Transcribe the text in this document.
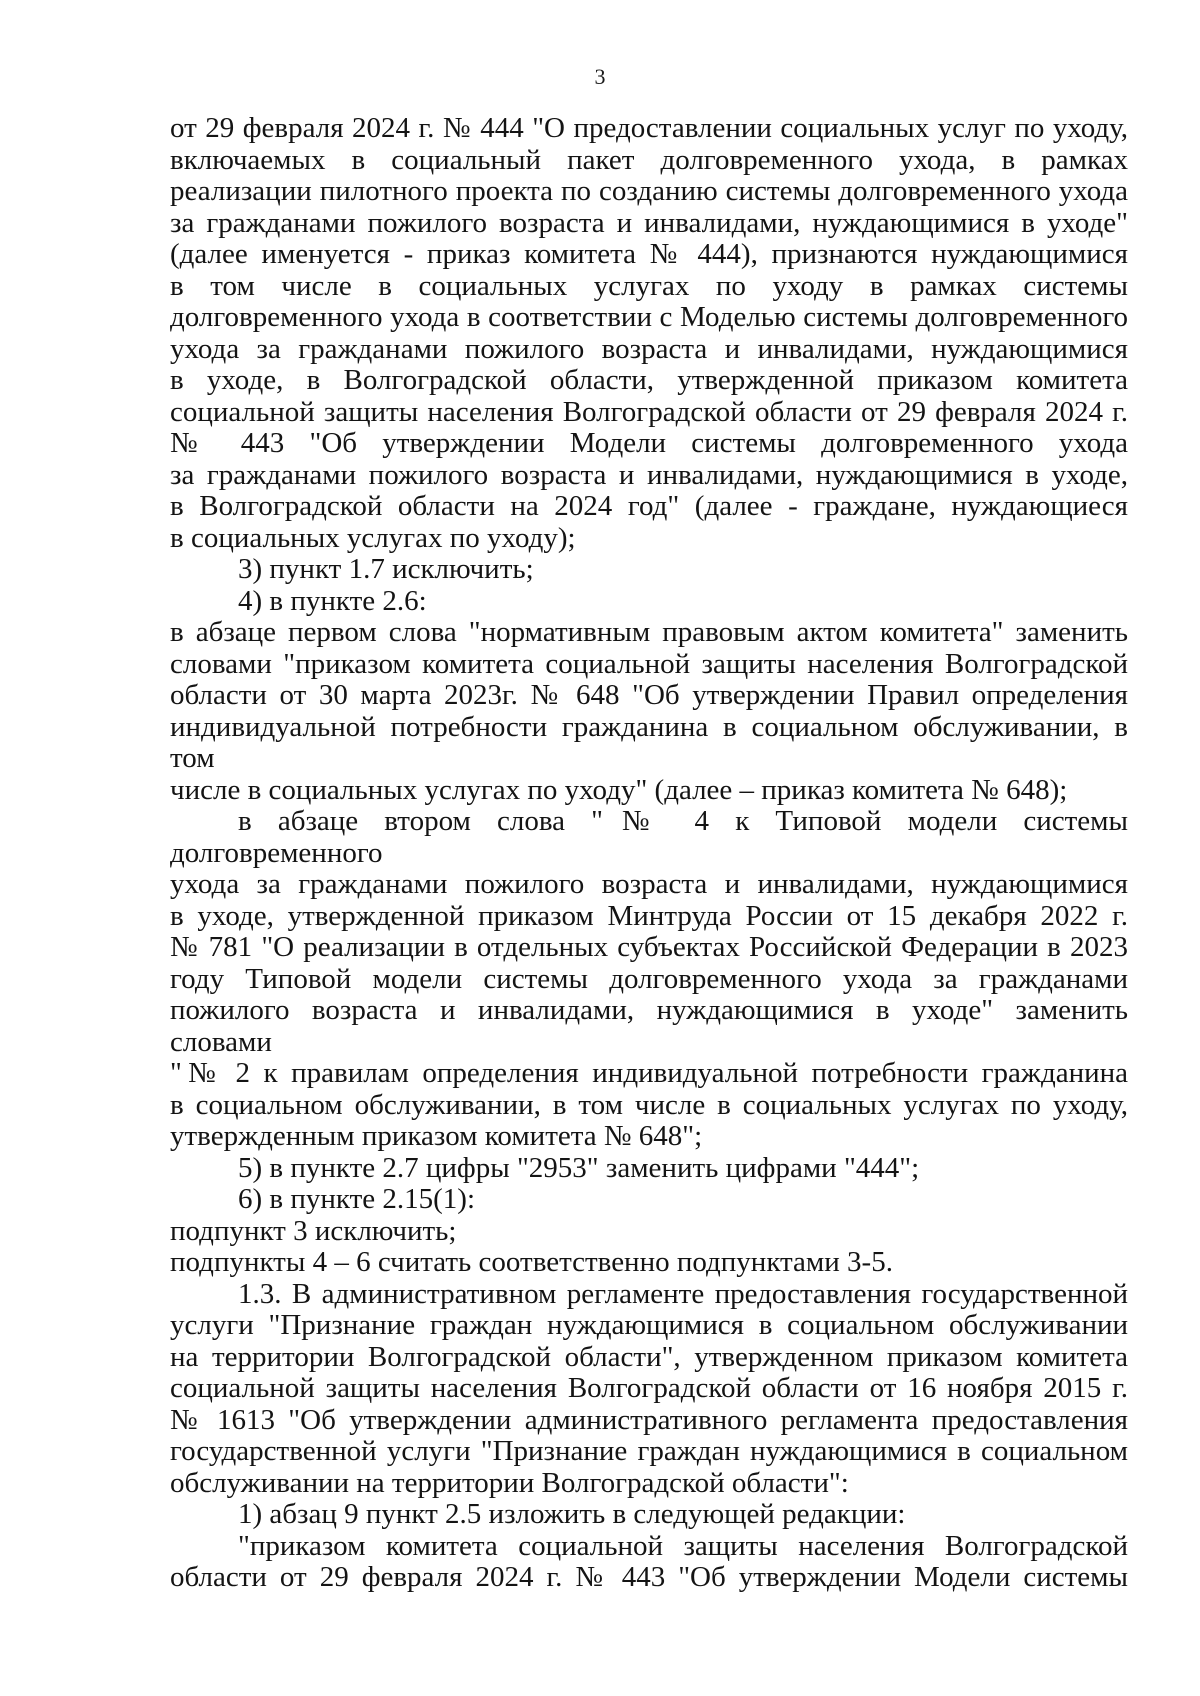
3

от 29 февраля 2024 г. № 444 "О предоставлении социальных услуг по уходу,

включаемых в социальный пакет долговременного ухода, в рамках

реализации пилотного проекта по созданию системы долговременного ухода

за гражданами пожилого возраста и инвалидами, нуждающимися в уходе"

(далее именуется - приказ комитета № 444), признаются нуждающимися

в том числе в социальных услугах по уходу в рамках системы

долговременного ухода в соответствии с Моделью системы долговременного

ухода за гражданами пожилого возраста и инвалидами, нуждающимися

в уходе, в Волгоградской области, утвержденной приказом комитета

социальной защиты населения Волгоградской области от 29 февраля 2024 г.

№ 443 "Об утверждении Модели системы долговременного ухода

за гражданами пожилого возраста и инвалидами, нуждающимися в уходе,

в Волгоградской области на 2024 год" (далее - граждане, нуждающиеся

в социальных услугах по уходу);

3) пункт 1.7 исключить;

4) в пункте 2.6:

в абзаце первом слова "нормативным правовым актом комитета" заменить

словами "приказом комитета социальной защиты населения Волгоградской

области от 30 марта 2023г. № 648 "Об утверждении Правил определения

индивидуальной потребности гражданина в социальном обслуживании, в том

числе в социальных услугах по уходу" (далее – приказ комитета № 648);

в абзаце втором слова "№ 4 к Типовой модели системы долговременного

ухода за гражданами пожилого возраста и инвалидами, нуждающимися

в уходе, утвержденной приказом Минтруда России от 15 декабря 2022 г.

№ 781 "О реализации в отдельных субъектах Российской Федерации в 2023

году Типовой модели системы долговременного ухода за гражданами

пожилого возраста и инвалидами, нуждающимися в уходе" заменить словами

"№ 2 к правилам определения индивидуальной потребности гражданина

в социальном обслуживании, в том числе в социальных услугах по уходу,

утвержденным приказом комитета № 648";

5) в пункте 2.7 цифры "2953" заменить цифрами "444";

6) в пункте 2.15(1):

подпункт 3 исключить;

подпункты 4 – 6 считать соответственно подпунктами 3-5.

1.3. В административном регламенте предоставления государственной

услуги "Признание граждан нуждающимися в социальном обслуживании

на территории Волгоградской области", утвержденном приказом комитета

социальной защиты населения Волгоградской области от 16 ноября 2015 г.

№ 1613 "Об утверждении административного регламента предоставления

государственной услуги "Признание граждан нуждающимися в социальном

обслуживании на территории Волгоградской области":

1) абзац 9 пункт 2.5 изложить в следующей редакции:

"приказом комитета социальной защиты населения Волгоградской

области от 29 февраля 2024 г. № 443 "Об утверждении Модели системы
